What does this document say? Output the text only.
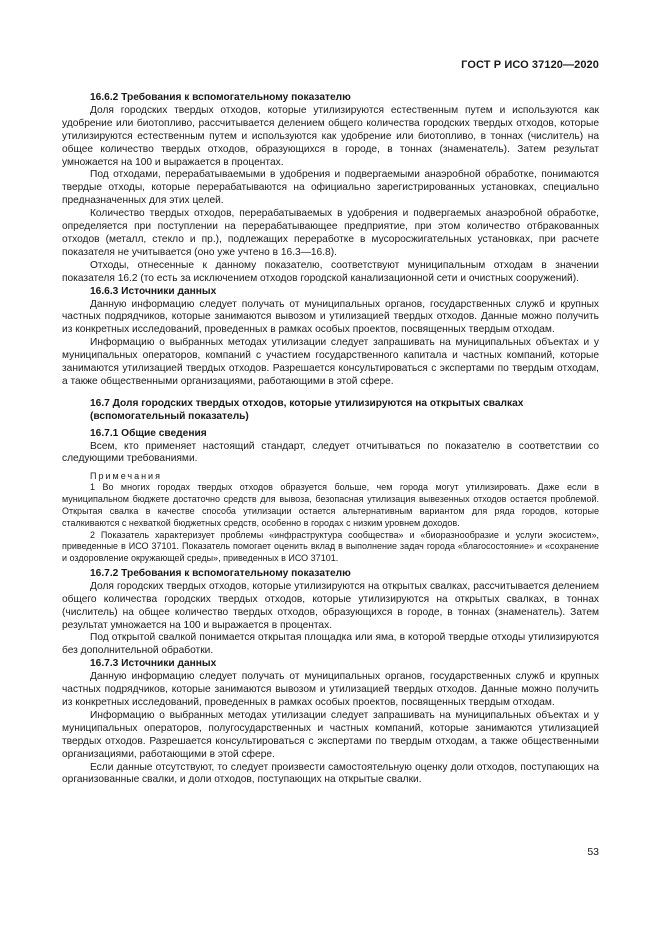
ГОСТ Р ИСО 37120—2020

16.6.2 Требования к вспомогательному показателю

Доля городских твердых отходов, которые утилизируются естественным путем и используются как удобрение или биотопливо, рассчитывается делением общего количества городских твердых отходов, которые утилизируются естественным путем и используются как удобрение или биотопливо, в тоннах (числитель) на общее количество твердых отходов, образующихся в городе, в тоннах (знаменатель). Затем результат умножается на 100 и выражается в процентах.

Под отходами, перерабатываемыми в удобрения и подвергаемыми анаэробной обработке, понимаются твердые отходы, которые перерабатываются на официально зарегистрированных установках, специально предназначенных для этих целей.

Количество твердых отходов, перерабатываемых в удобрения и подвергаемых анаэробной обработке, определяется при поступлении на перерабатывающее предприятие, при этом количество отбракованных отходов (металл, стекло и пр.), подлежащих переработке в мусоросжигательных установках, при расчете показателя не учитывается (оно уже учтено в 16.3—16.8).

Отходы, отнесенные к данному показателю, соответствуют муниципальным отходам в значении показателя 16.2 (то есть за исключением отходов городской канализационной сети и очистных сооружений).

16.6.3 Источники данных

Данную информацию следует получать от муниципальных органов, государственных служб и крупных частных подрядчиков, которые занимаются вывозом и утилизацией твердых отходов. Данные можно получить из конкретных исследований, проведенных в рамках особых проектов, посвященных твердым отходам.

Информацию о выбранных методах утилизации следует запрашивать на муниципальных объектах и у муниципальных операторов, компаний с участием государственного капитала и частных компаний, которые занимаются утилизацией твердых отходов. Разрешается консультироваться с экспертами по твердым отходам, а также общественными организациями, работающими в этой сфере.

16.7 Доля городских твердых отходов, которые утилизируются на открытых свалках (вспомогательный показатель)

16.7.1 Общие сведения

Всем, кто применяет настоящий стандарт, следует отчитываться по показателю в соответствии со следующими требованиями.

Примечания

1 Во многих городах твердых отходов образуется больше, чем города могут утилизировать. Даже если в муниципальном бюджете достаточно средств для вывоза, безопасная утилизация вывезенных отходов остается проблемой. Открытая свалка в качестве способа утилизации остается альтернативным вариантом для ряда городов, которые сталкиваются с нехваткой бюджетных средств, особенно в городах с низким уровнем доходов.

2 Показатель характеризует проблемы «инфраструктура сообщества» и «биоразнообразие и услуги экосистем», приведенные в ИСО 37101. Показатель помогает оценить вклад в выполнение задач города «благосостояние» и «сохранение и оздоровление окружающей среды», приведенных в ИСО 37101.

16.7.2 Требования к вспомогательному показателю

Доля городских твердых отходов, которые утилизируются на открытых свалках, рассчитывается делением общего количества городских твердых отходов, которые утилизируются на открытых свалках, в тоннах (числитель) на общее количество твердых отходов, образующихся в городе, в тоннах (знаменатель). Затем результат умножается на 100 и выражается в процентах.

Под открытой свалкой понимается открытая площадка или яма, в которой твердые отходы утилизируются без дополнительной обработки.

16.7.3 Источники данных

Данную информацию следует получать от муниципальных органов, государственных служб и крупных частных подрядчиков, которые занимаются вывозом и утилизацией твердых отходов. Данные можно получить из конкретных исследований, проведенных в рамках особых проектов, посвященных твердым отходам.

Информацию о выбранных методах утилизации следует запрашивать на муниципальных объектах и у муниципальных операторов, полугосударственных и частных компаний, которые занимаются утилизацией твердых отходов. Разрешается консультироваться с экспертами по твердым отходам, а также общественными организациями, работающими в этой сфере.

Если данные отсутствуют, то следует произвести самостоятельную оценку доли отходов, поступающих на организованные свалки, и доли отходов, поступающих на открытые свалки.

53
